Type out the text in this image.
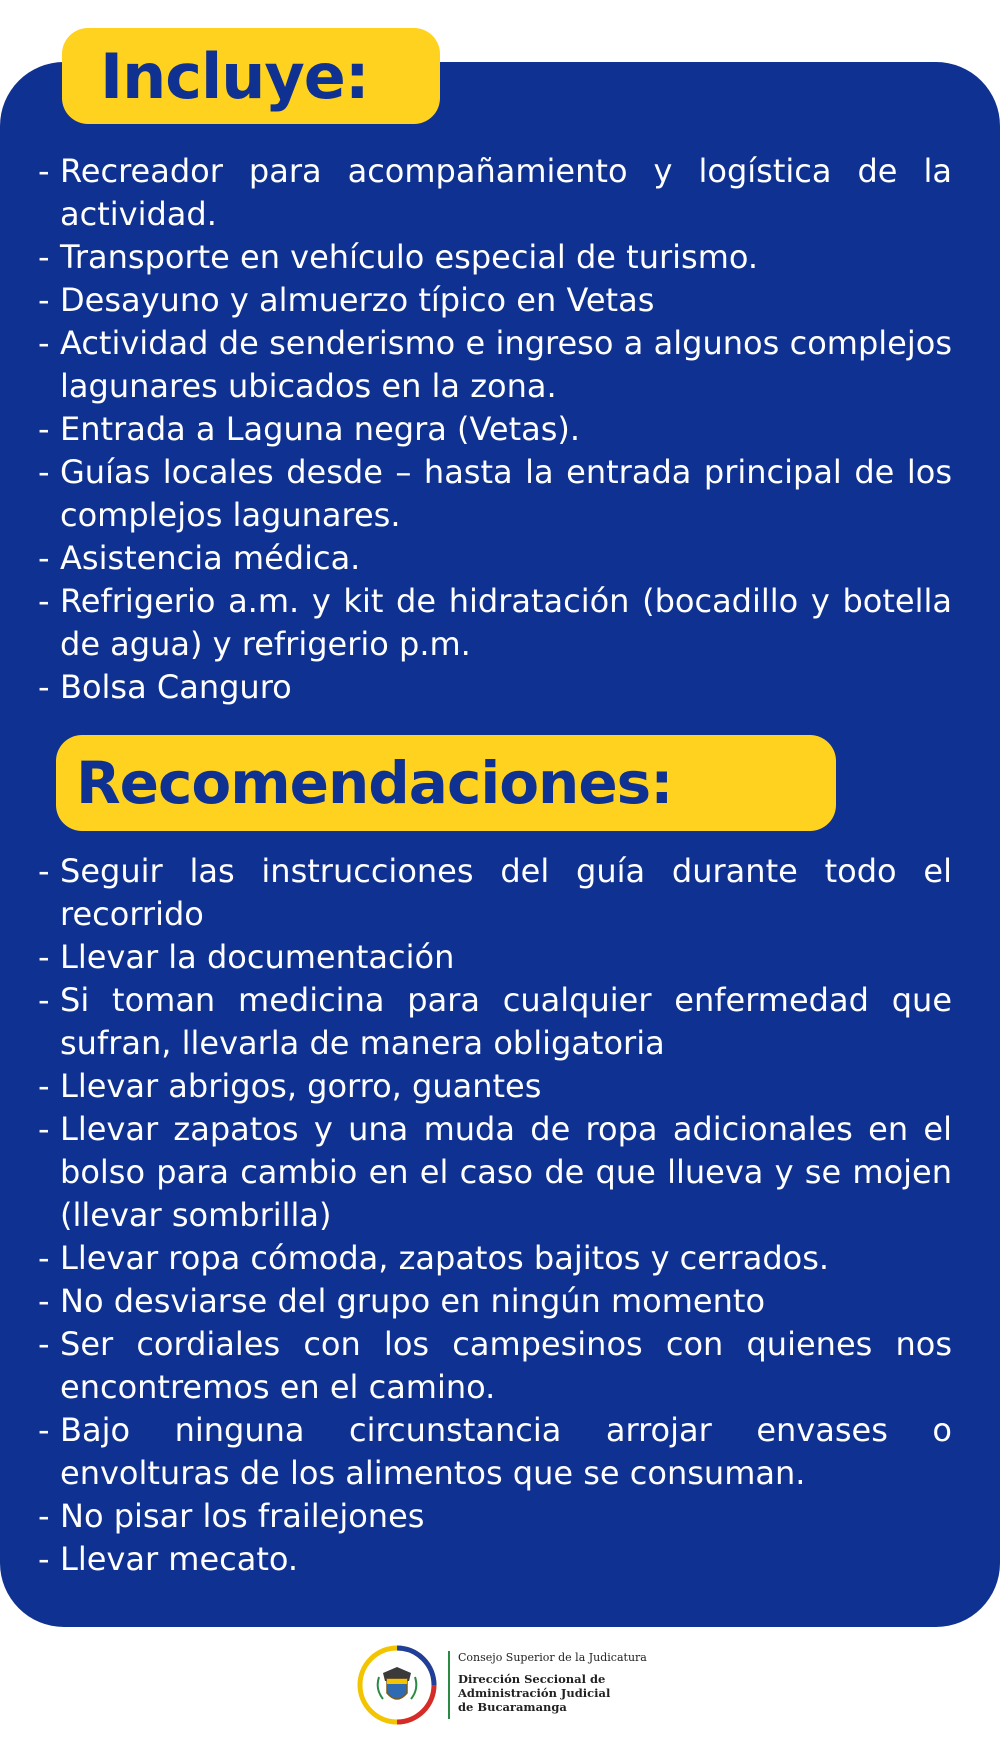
Incluye:
- Recreador para acompañamiento y logística de la actividad.
- Transporte en vehículo especial de turismo.
- Desayuno y almuerzo típico en Vetas
- Actividad de senderismo e ingreso a algunos complejos lagunares ubicados en la zona.
- Entrada a Laguna negra (Vetas).
- Guías locales desde – hasta la entrada principal de los complejos lagunares.
- Asistencia médica.
- Refrigerio a.m. y kit de hidratación (bocadillo y botella de agua) y refrigerio p.m.
- Bolsa Canguro
Recomendaciones:
- Seguir las instrucciones del guía durante todo el recorrido
- Llevar la documentación
- Si toman medicina para cualquier enfermedad que sufran, llevarla de manera obligatoria
- Llevar abrigos, gorro, guantes
- Llevar zapatos y una muda de ropa adicionales en el bolso para cambio en el caso de que llueva y se mojen (llevar sombrilla)
- Llevar ropa cómoda, zapatos bajitos y cerrados.
- No desviarse del grupo en ningún momento
- Ser cordiales con los campesinos con quienes nos encontremos en el camino.
- Bajo ninguna circunstancia arrojar envases o envolturas de los alimentos que se consuman.
- No pisar los frailejones
- Llevar mecato.
Consejo Superior de la Judicatura
Dirección Seccional de
Administración Judicial
de Bucaramanga
